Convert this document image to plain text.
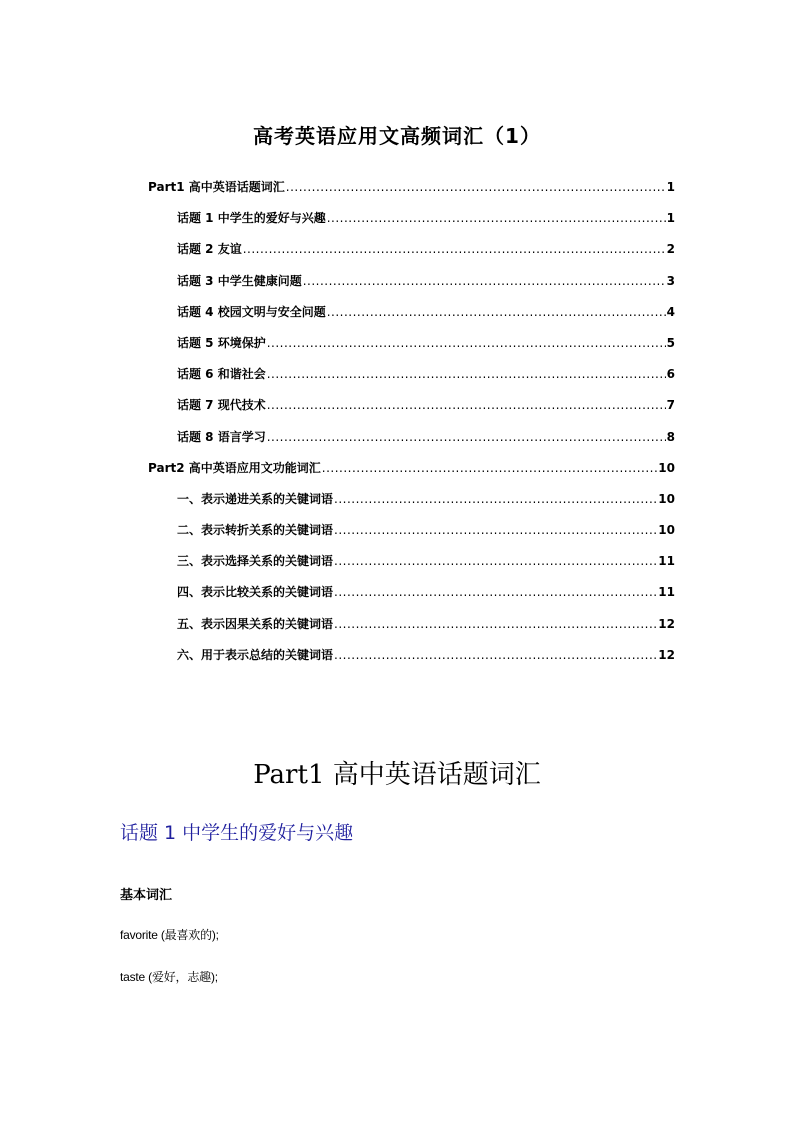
高考英语应用文高频词汇（1）
Part1 高中英语话题词汇 .....	1
话题 1 中学生的爱好与兴趣 .....	1
话题 2 友谊 .....	2
话题 3 中学生健康问题 .....	3
话题 4 校园文明与安全问题 .....	4
话题 5 环境保护 .....	5
话题 6 和谐社会 .....	6
话题 7 现代技术 .....	7
话题 8 语言学习 .....	8
Part2 高中英语应用文功能词汇 .....	10
一、表示递进关系的关键词语 .....	10
二、表示转折关系的关键词语 .....	10
三、表示选择关系的关键词语 .....	11
四、表示比较关系的关键词语 .....	11
五、表示因果关系的关键词语 .....	12
六、用于表示总结的关键词语 .....	12
Part1 高中英语话题词汇
话题 1 中学生的爱好与兴趣
基本词汇
favorite (最喜欢的);
taste (爱好，志趣);
